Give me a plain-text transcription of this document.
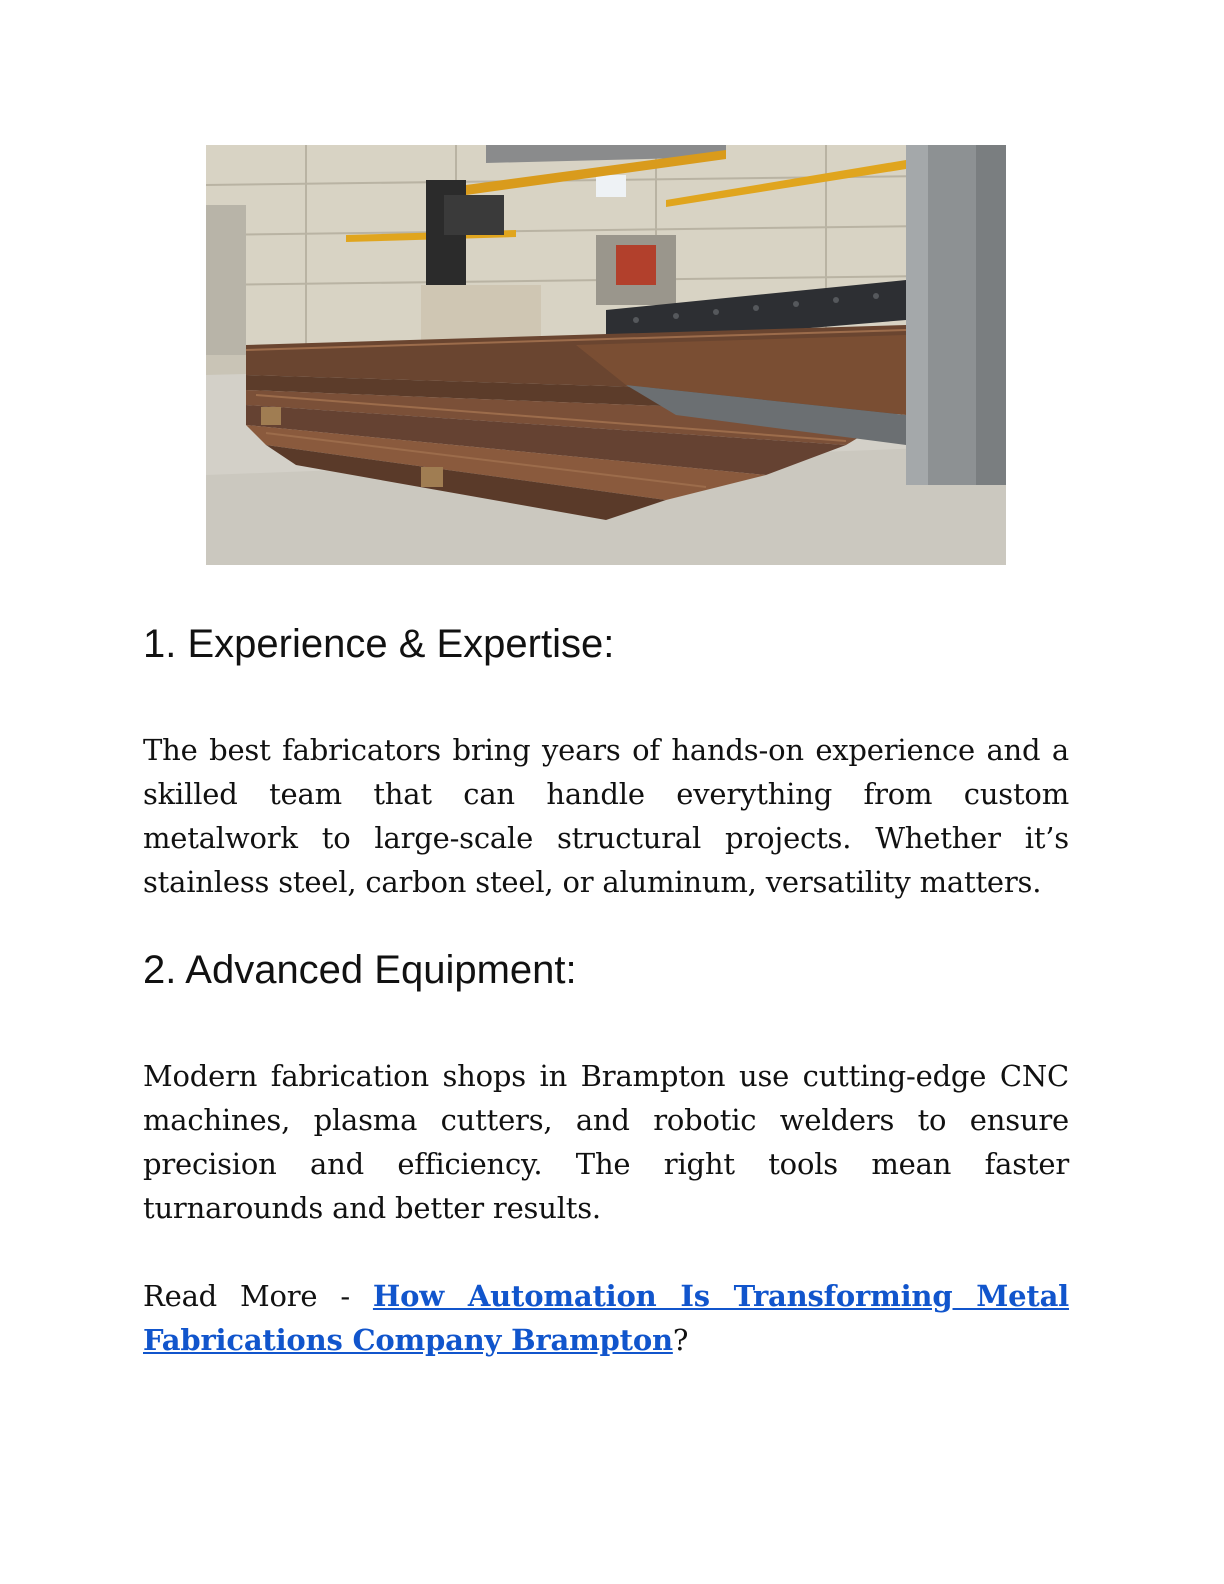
1. Experience & Expertise:

The best fabricators bring years of hands-on experience and a skilled team that can handle everything from custom metalwork to large-scale structural projects. Whether it’s stainless steel, carbon steel, or aluminum, versatility matters.

2. Advanced Equipment:

Modern fabrication shops in Brampton use cutting-edge CNC machines, plasma cutters, and robotic welders to ensure precision and efficiency. The right tools mean faster turnarounds and better results.

Read More - How Automation Is Transforming Metal Fabrications Company Brampton?
